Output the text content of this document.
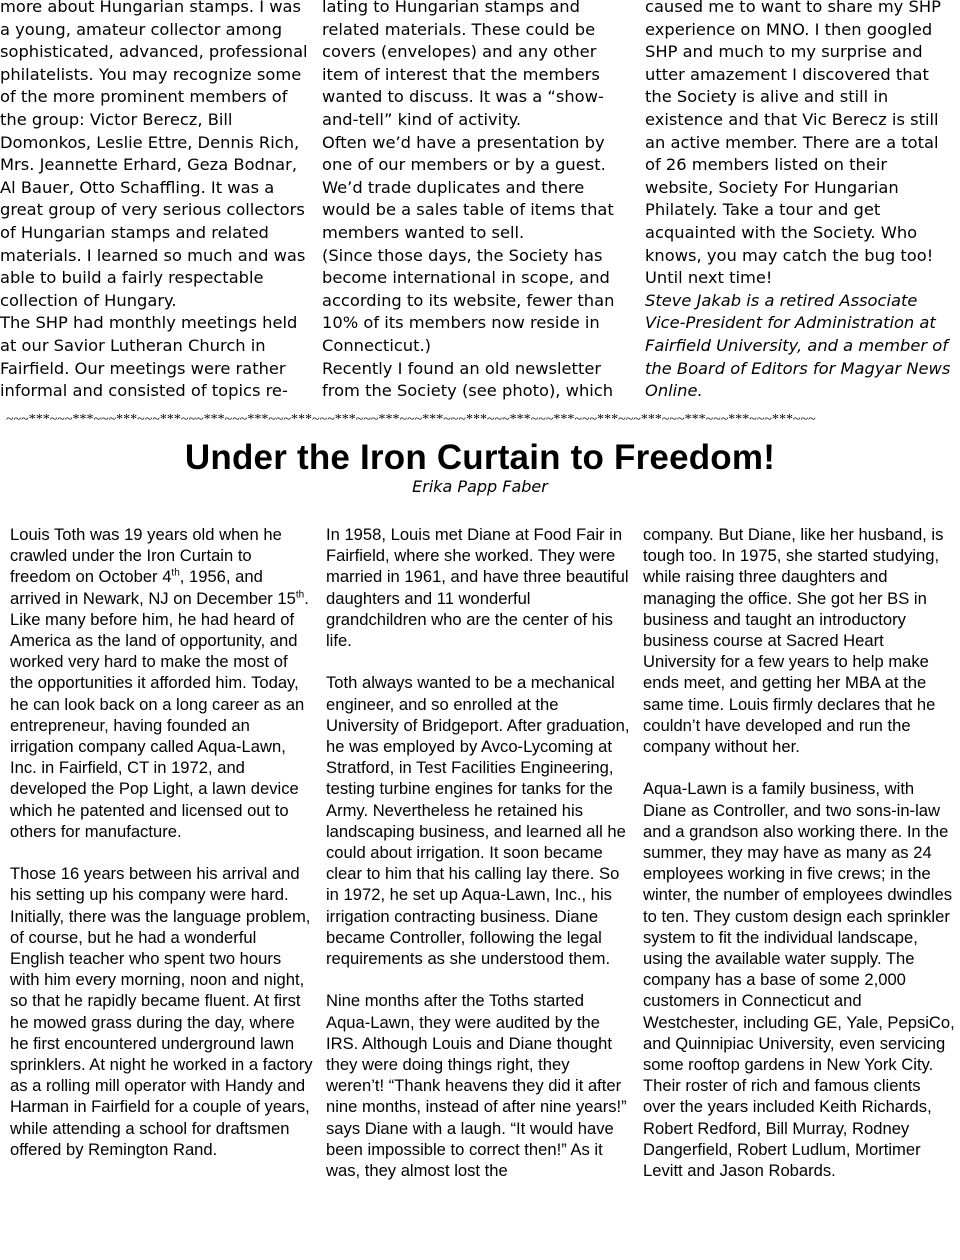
more about Hungarian stamps. I was a young, amateur collector among sophisticated, advanced, professional philatelists. You may recognize some of the more prominent members of the group: Victor Berecz, Bill Domonkos, Leslie Ettre, Dennis Rich, Mrs. Jeannette Erhard, Geza Bodnar, Al Bauer, Otto Schaffling. It was a great group of very serious collectors of Hungarian stamps and related materials. I learned so much and was able to build a fairly respectable collection of Hungary.

The SHP had monthly meetings held at our Savior Lutheran Church in Fairfield. Our meetings were rather informal and consisted of topics re-

lating to Hungarian stamps and related materials. These could be covers (envelopes) and any other item of interest that the members wanted to discuss. It was a “show-and-tell” kind of activity.

Often we’d have a presentation by one of our members or by a guest. We’d trade duplicates and there would be a sales table of items that members wanted to sell.

(Since those days, the Society has become international in scope, and according to its website, fewer than 10% of its members now reside in Connecticut.)

Recently I found an old newsletter from the Society (see photo), which

caused me to want to share my SHP experience on MNO. I then googled SHP and much to my surprise and utter amazement I discovered that the Society is alive and still in existence and that Vic Berecz is still an active member. There are a total of 26 members listed on their website, Society For Hungarian Philately. Take a tour and get acquainted with the Society. Who knows, you may catch the bug too!

Until next time!

Steve Jakab is a retired Associate Vice-President for Administration at Fairfield University, and a member of the Board of Editors for Magyar News Online.

~~~***~~~***~~~***~~~***~~~***~~~***~~~***~~~***~~~***~~~***~~~***~~~***~~~***~~~***~~~***~~~***~~~***~~~***~~~
Under the Iron Curtain to Freedom!
Erika Papp Faber

Louis Toth was 19 years old when he crawled under the Iron Curtain to freedom on October 4th, 1956, and arrived in Newark, NJ on December 15th. Like many before him, he had heard of America as the land of opportunity, and worked very hard to make the most of the opportunities it afforded him. Today, he can look back on a long career as an entrepreneur, having founded an irrigation company called Aqua-Lawn, Inc. in Fairfield, CT in 1972, and developed the Pop Light, a lawn device which he patented and licensed out to others for manufacture.

Those 16 years between his arrival and his setting up his company were hard. Initially, there was the language problem, of course, but he had a wonderful English teacher who spent two hours with him every morning, noon and night, so that he rapidly became fluent. At first he mowed grass during the day, where he first encountered underground lawn sprinklers. At night he worked in a factory as a rolling mill operator with Handy and Harman in Fairfield for a couple of years, while attending a school for draftsmen offered by Remington Rand.

In 1958, Louis met Diane at Food Fair in Fairfield, where she worked. They were married in 1961, and have three beautiful daughters and 11 wonderful grandchildren who are the center of his life.

Toth always wanted to be a mechanical engineer, and so enrolled at the University of Bridgeport. After graduation, he was employed by Avco-Lycoming at Stratford, in Test Facilities Engineering, testing turbine engines for tanks for the Army. Nevertheless he retained his landscaping business, and learned all he could about irrigation. It soon became clear to him that his calling lay there. So in 1972, he set up Aqua-Lawn, Inc., his irrigation contracting business. Diane became Controller, following the legal requirements as she understood them.

Nine months after the Toths started Aqua-Lawn, they were audited by the IRS. Although Louis and Diane thought they were doing things right, they weren’t! “Thank heavens they did it after nine months, instead of after nine years!” says Diane with a laugh. “It would have been impossible to correct then!” As it was, they almost lost the

company. But Diane, like her husband, is tough too. In 1975, she started studying, while raising three daughters and managing the office. She got her BS in business and taught an introductory business course at Sacred Heart University for a few years to help make ends meet, and getting her MBA at the same time. Louis firmly declares that he couldn’t have developed and run the company without her.

Aqua-Lawn is a family business, with Diane as Controller, and two sons-in-law and a grandson also working there. In the summer, they may have as many as 24 employees working in five crews; in the winter, the number of employees dwindles to ten. They custom design each sprinkler system to fit the individual landscape, using the available water supply. The company has a base of some 2,000 customers in Connecticut and Westchester, including GE, Yale, PepsiCo, and Quinnipiac University, even servicing some rooftop gardens in New York City. Their roster of rich and famous clients over the years included Keith Richards, Robert Redford, Bill Murray, Rodney Dangerfield, Robert Ludlum, Mortimer Levitt and Jason Robards.
